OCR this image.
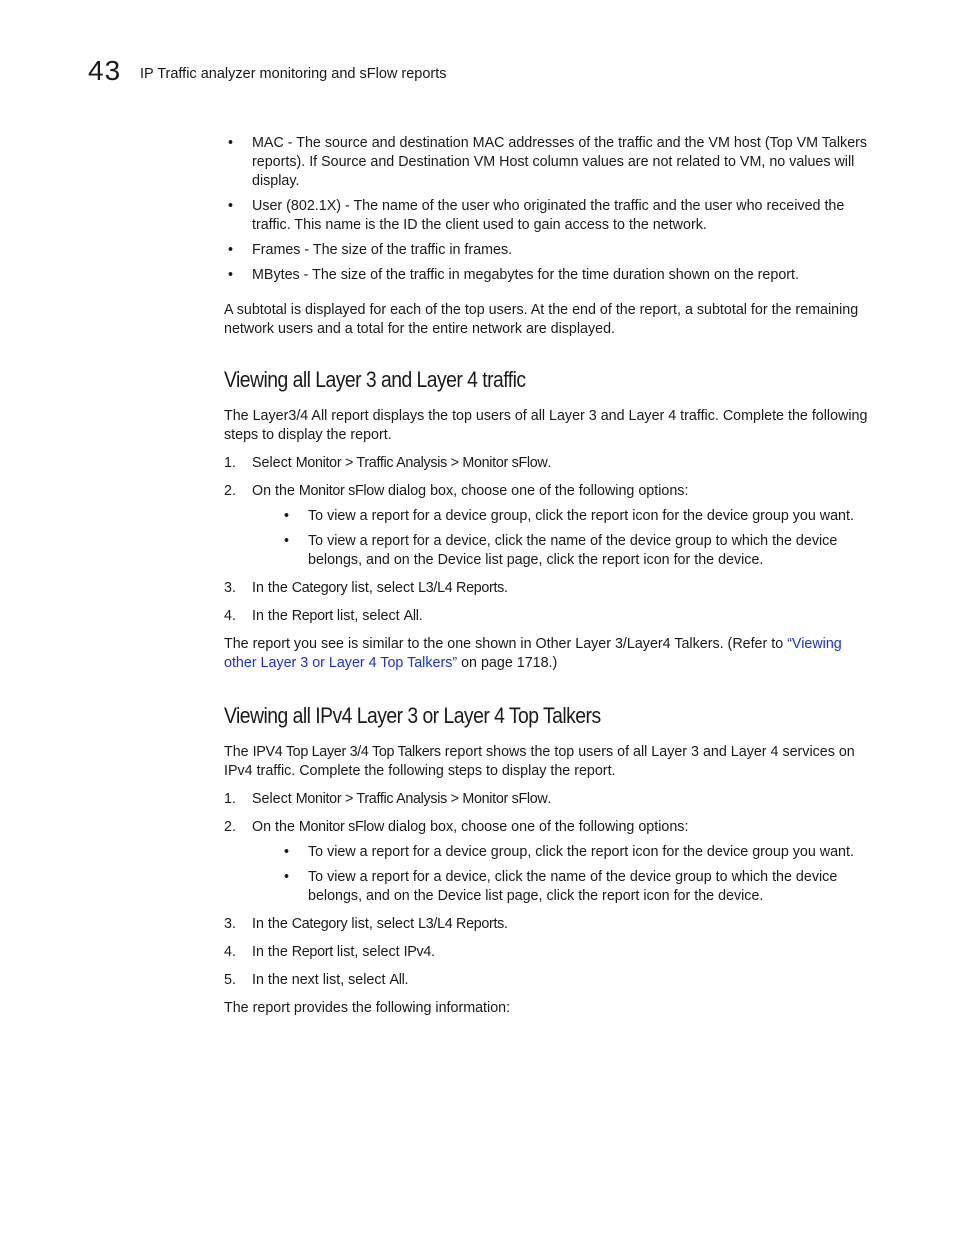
43 IP Traffic analyzer monitoring and sFlow reports
• MAC - The source and destination MAC addresses of the traffic and the VM host (Top VM Talkers reports). If Source and Destination VM Host column values are not related to VM, no values will display.
• User (802.1X) - The name of the user who originated the traffic and the user who received the traffic. This name is the ID the client used to gain access to the network.
• Frames - The size of the traffic in frames.
• MBytes - The size of the traffic in megabytes for the time duration shown on the report.

A subtotal is displayed for each of the top users. At the end of the report, a subtotal for the remaining network users and a total for the entire network are displayed.

Viewing all Layer 3 and Layer 4 traffic

The Layer3/4 All report displays the top users of all Layer 3 and Layer 4 traffic. Complete the following steps to display the report.

1. Select Monitor > Traffic Analysis > Monitor sFlow.
2. On the Monitor sFlow dialog box, choose one of the following options:
• To view a report for a device group, click the report icon for the device group you want.
• To view a report for a device, click the name of the device group to which the device belongs, and on the Device list page, click the report icon for the device.
3. In the Category list, select L3/L4 Reports.
4. In the Report list, select All.

The report you see is similar to the one shown in Other Layer 3/Layer4 Talkers. (Refer to “Viewing other Layer 3 or Layer 4 Top Talkers” on page 1718.)

Viewing all IPv4 Layer 3 or Layer 4 Top Talkers

The IPV4 Top Layer 3/4 Top Talkers report shows the top users of all Layer 3 and Layer 4 services on IPv4 traffic. Complete the following steps to display the report.

1. Select Monitor > Traffic Analysis > Monitor sFlow.
2. On the Monitor sFlow dialog box, choose one of the following options:
• To view a report for a device group, click the report icon for the device group you want.
• To view a report for a device, click the name of the device group to which the device belongs, and on the Device list page, click the report icon for the device.
3. In the Category list, select L3/L4 Reports.
4. In the Report list, select IPv4.
5. In the next list, select All.

The report provides the following information:
